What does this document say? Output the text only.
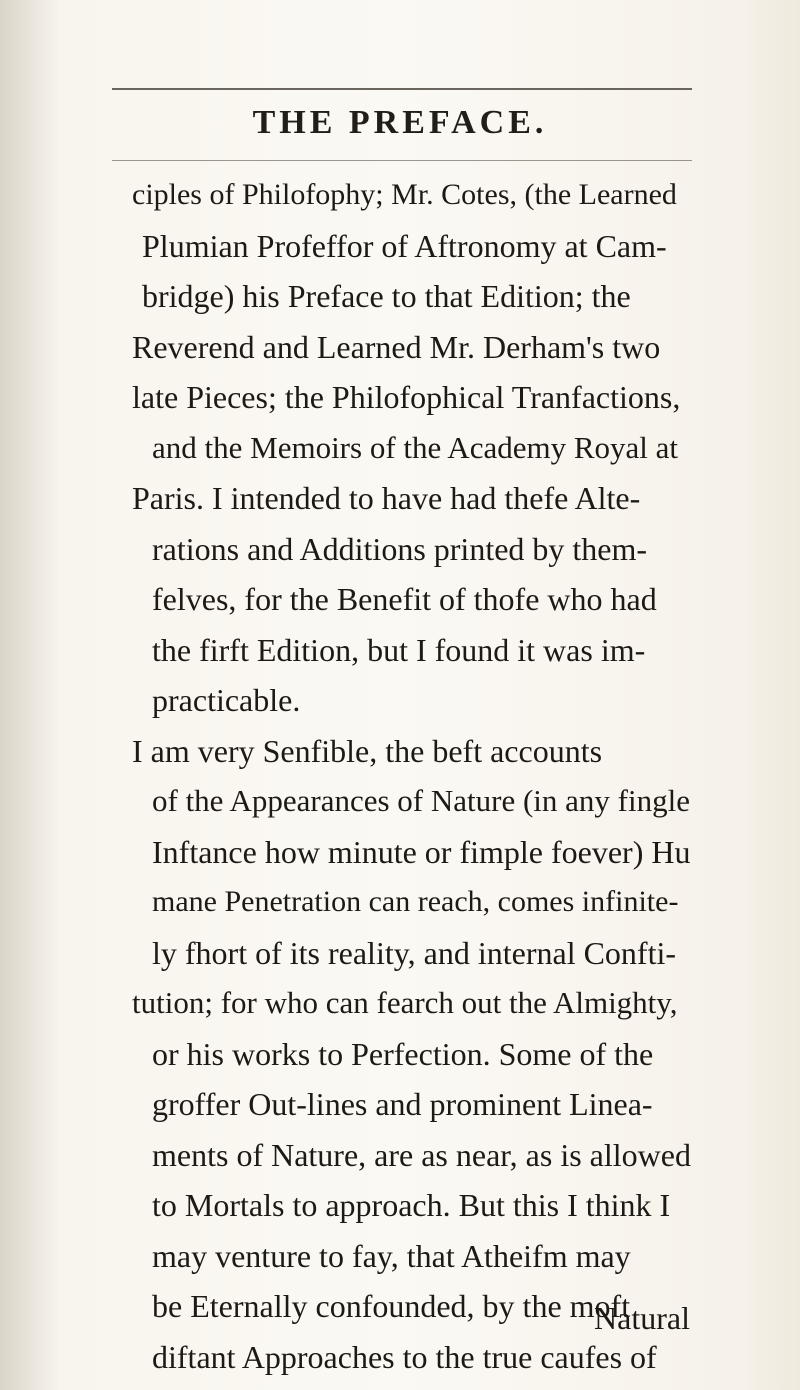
THE PREFACE.
ciples of Philofophy; Mr. Cotes, (the Learned
Plumian Profeffor of Aftronomy at Cam-
bridge) his Preface to that Edition; the
Reverend and Learned Mr. Derham's two
late Pieces; the Philofophical Tranfactions,
and the Memoirs of the Academy Royal at
Paris. I intended to have had thefe Alte-
rations and Additions printed by them-
felves, for the Benefit of thofe who had
the firft Edition, but I found it was im-
practicable.
I am very Senfible, the beft accounts
of the Appearances of Nature (in any fingle
Inftance how minute or fimple foever) Hu
mane Penetration can reach, comes infinite-
ly fhort of its reality, and internal Confti-
tution; for who can fearch out the Almighty,
or his works to Perfection. Some of the
groffer Out-lines and prominent Linea-
ments of Nature, are as near, as is allowed
to Mortals to approach. But this I think I
may venture to fay, that Atheifm may
be Eternally confounded, by the moft
diftant Approaches to the true caufes of
Natural
